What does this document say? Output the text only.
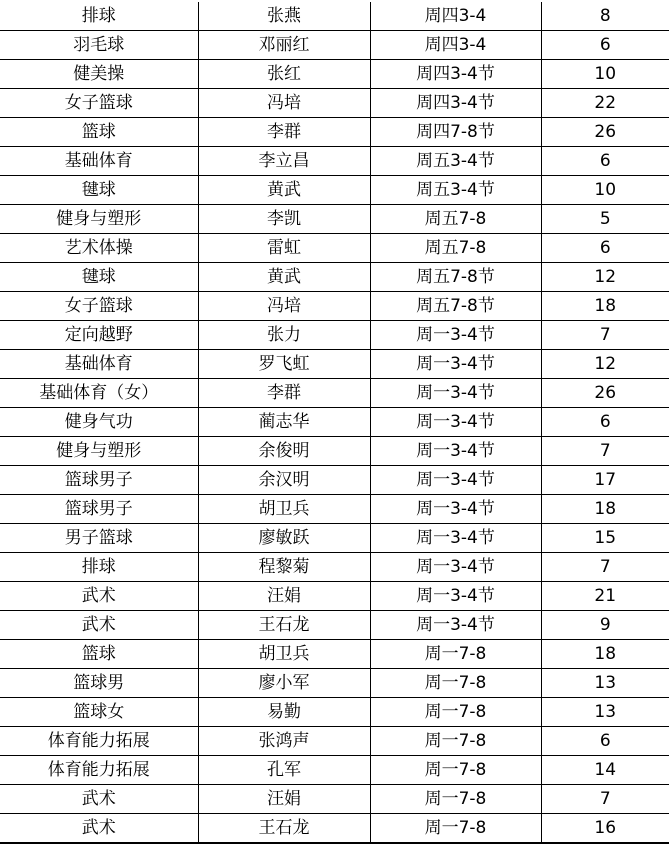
排球	张燕	周四3-4	8
羽毛球	邓丽红	周四3-4	6
健美操	张红	周四3-4节	10
女子篮球	冯培	周四3-4节	22
篮球	李群	周四7-8节	26
基础体育	李立昌	周五3-4节	6
毽球	黄武	周五3-4节	10
健身与塑形	李凯	周五7-8	5
艺术体操	雷虹	周五7-8	6
毽球	黄武	周五7-8节	12
女子篮球	冯培	周五7-8节	18
定向越野	张力	周一3-4节	7
基础体育	罗飞虹	周一3-4节	12
基础体育（女）	李群	周一3-4节	26
健身气功	蔺志华	周一3-4节	6
健身与塑形	余俊明	周一3-4节	7
篮球男子	余汉明	周一3-4节	17
篮球男子	胡卫兵	周一3-4节	18
男子篮球	廖敏跃	周一3-4节	15
排球	程黎菊	周一3-4节	7
武术	汪娟	周一3-4节	21
武术	王石龙	周一3-4节	9
篮球	胡卫兵	周一7-8	18
篮球男	廖小军	周一7-8	13
篮球女	易勤	周一7-8	13
体育能力拓展	张鸿声	周一7-8	6
体育能力拓展	孔军	周一7-8	14
武术	汪娟	周一7-8	7
武术	王石龙	周一7-8	16
